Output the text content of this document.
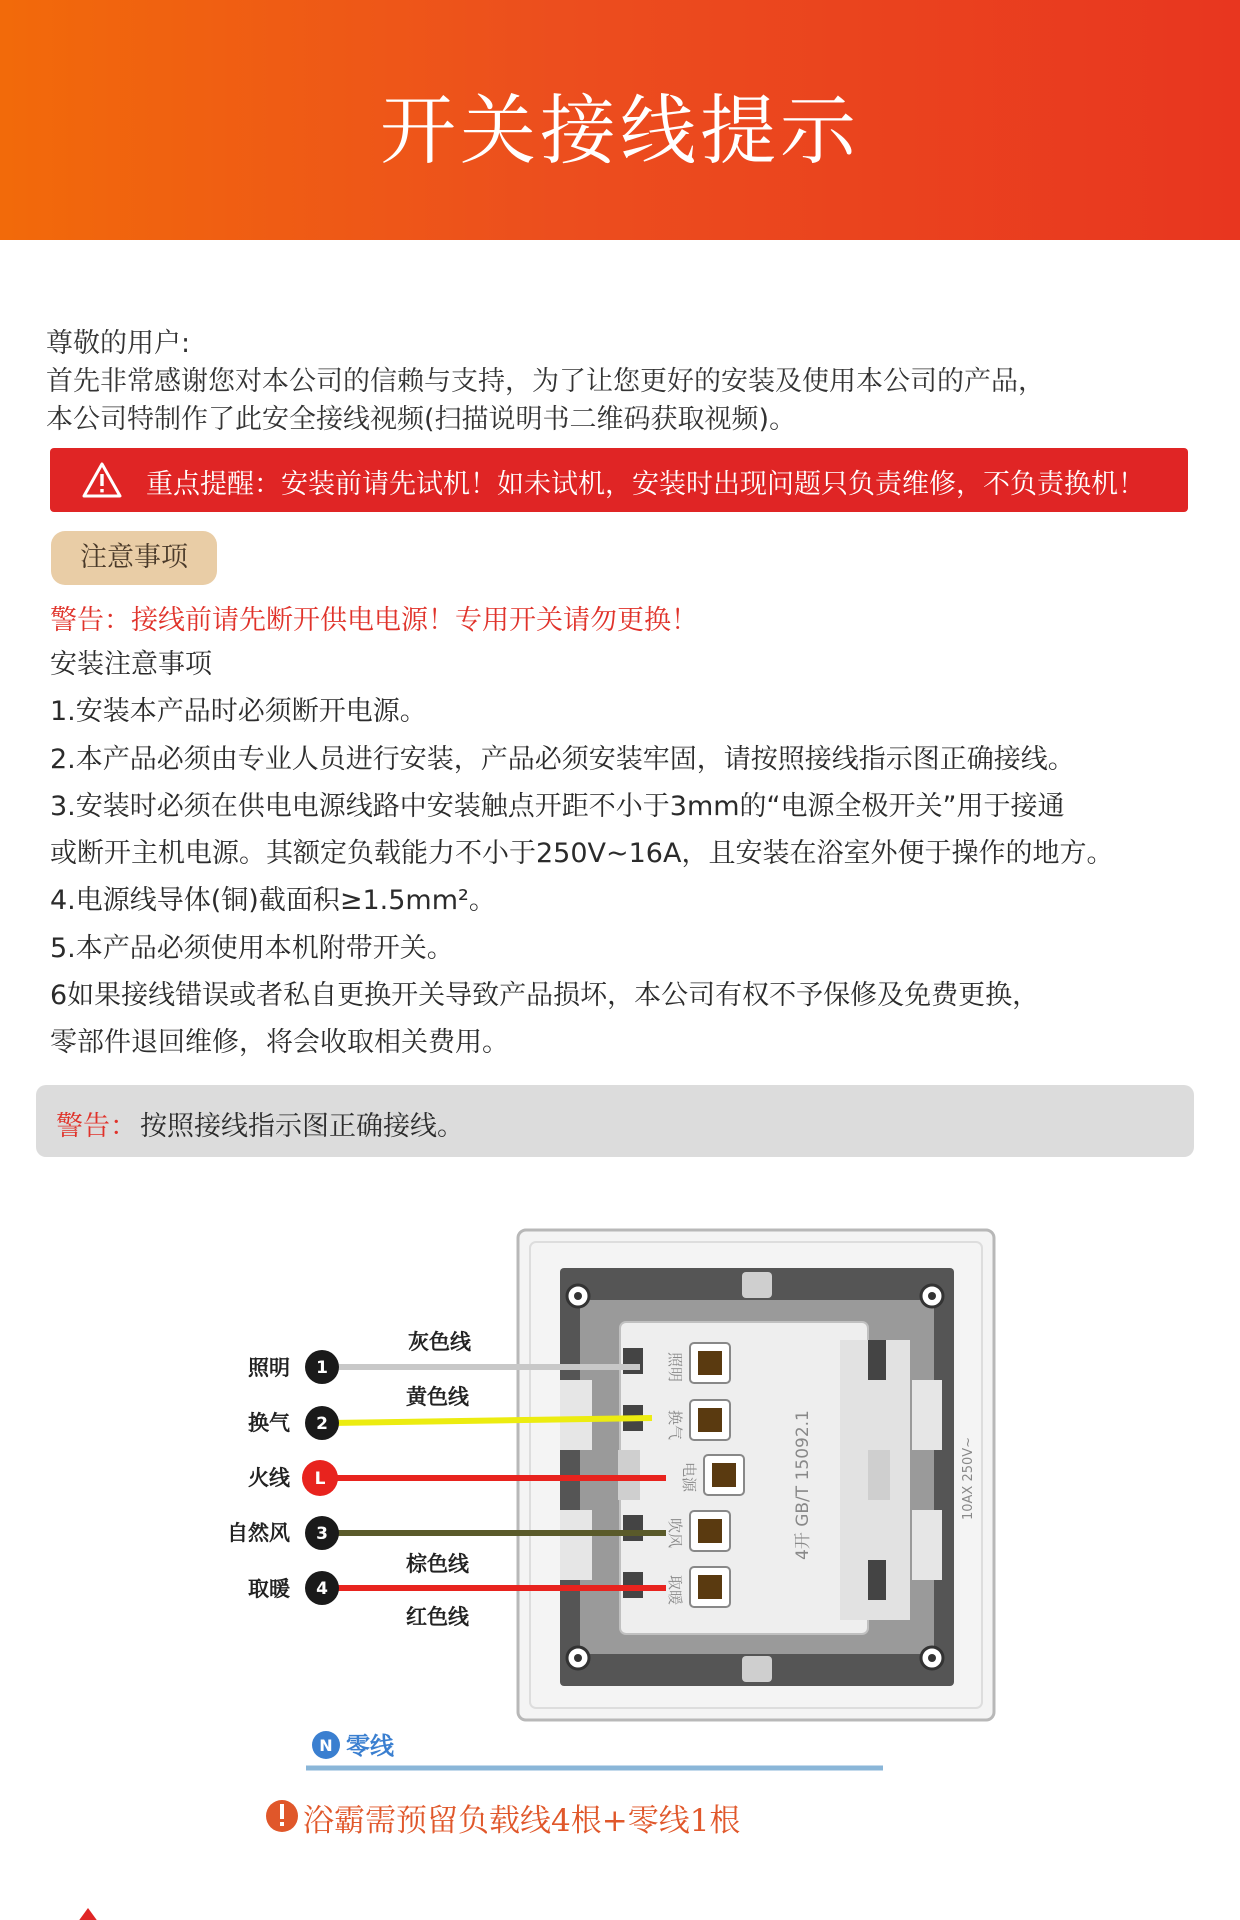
开关接线提示
尊敬的用户:
首先非常感谢您对本公司的信赖与支持，为了让您更好的安装及使用本公司的产品，
本公司特制作了此安全接线视频(扫描说明书二维码获取视频)。
重点提醒：安装前请先试机！如未试机，安装时出现问题只负责维修，不负责换机！
注意事项
警告：接线前请先断开供电电源！专用开关请勿更换！
安装注意事项
1.安装本产品时必须断开电源。
2.本产品必须由专业人员进行安装，产品必须安装牢固，请按照接线指示图正确接线。
3.安装时必须在供电电源线路中安装触点开距不小于3mm的“电源全极开关”用于接通
或断开主机电源。其额定负载能力不小于250V~16A，且安装在浴室外便于操作的地方。
4.电源线导体(铜)截面积≥1.5mm²。
5.本产品必须使用本机附带开关。
6如果接线错误或者私自更换开关导致产品损坏，本公司有权不予保修及免费更换，
零部件退回维修，将会收取相关费用。
警告： 按照接线指示图正确接线。
照明
换气
电源
吹风
取暖
4开 GB/T 15092.1	10AX 250V~
1
2
L
3
4
照明
换气
火线
自然风
取暖
灰色线
黄色线
棕色线
红色线
N 零线
浴霸需预留负载线4根+零线1根
